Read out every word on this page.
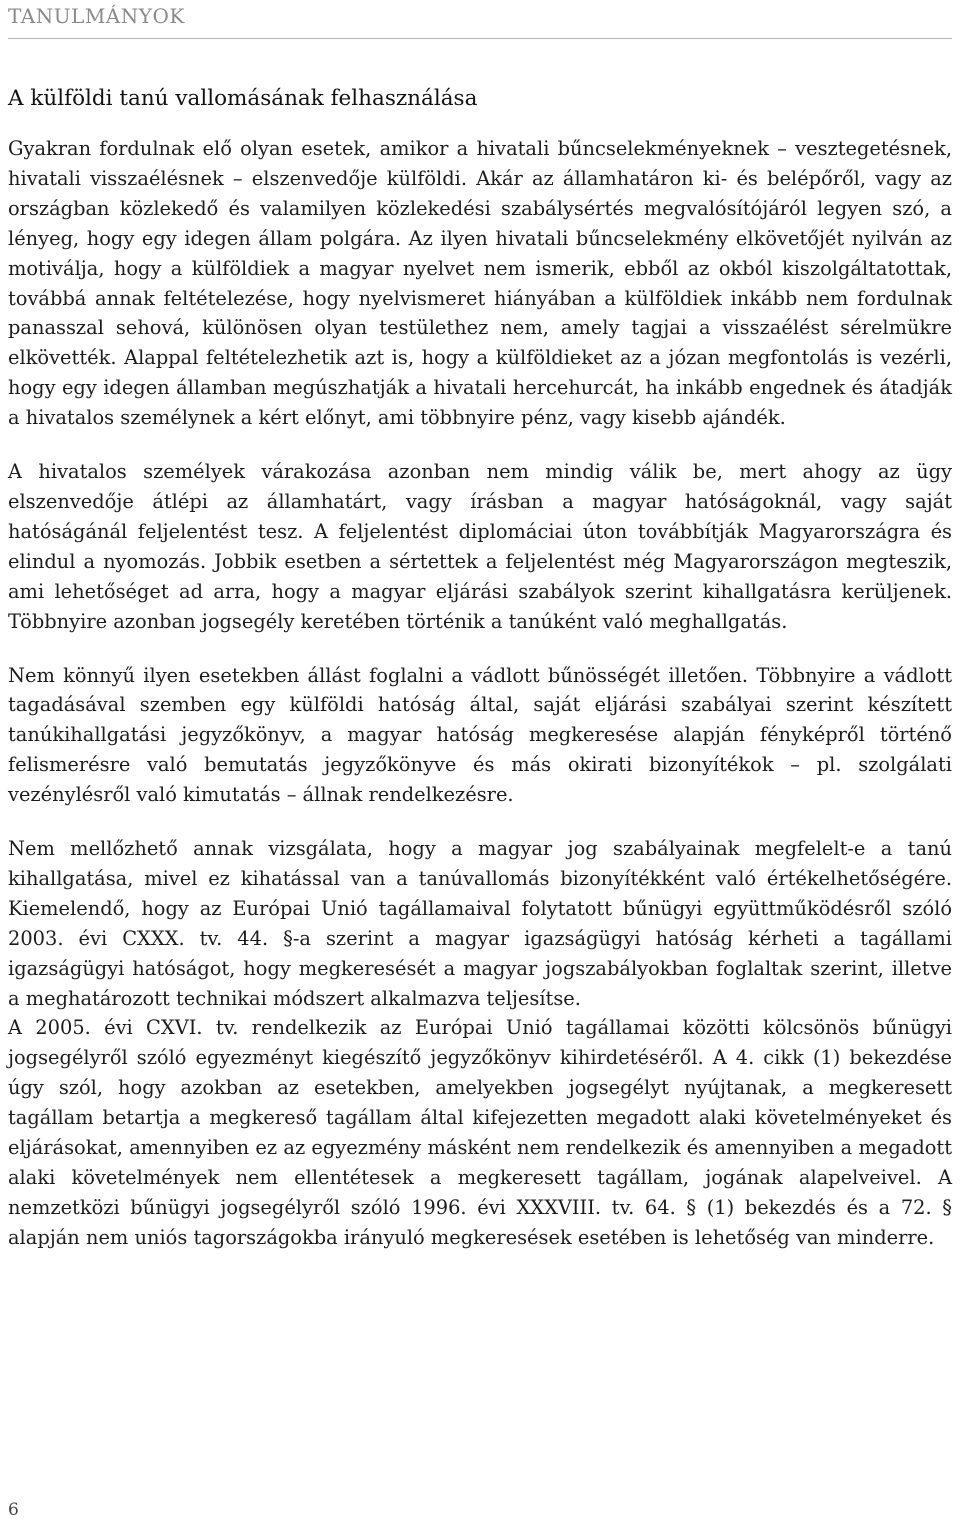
TANULMÁNYOK
A külföldi tanú vallomásának felhasználása

Gyakran fordulnak elő olyan esetek, amikor a hivatali bűncselekményeknek – vesztegetésnek, hivatali visszaélésnek – elszenvedője külföldi. Akár az államhatáron ki- és belépőről, vagy az országban közlekedő és valamilyen közlekedési szabálysértés megvalósítójáról legyen szó, a lényeg, hogy egy idegen állam polgára. Az ilyen hivatali bűncselekmény elkövetőjét nyilván az motiválja, hogy a külföldiek a magyar nyelvet nem ismerik, ebből az okból kiszolgáltatottak, továbbá annak feltételezése, hogy nyelvismeret hiányában a külföldiek inkább nem fordulnak panasszal sehová, különösen olyan testülethez nem, amely tagjai a visszaélést sérelmükre elkövették. Alappal feltételezhetik azt is, hogy a külföldieket az a józan megfontolás is vezérli, hogy egy idegen államban megúszhatják a hivatali hercehurcát, ha inkább engednek és átadják a hivatalos személynek a kért előnyt, ami többnyire pénz, vagy kisebb ajándék.

A hivatalos személyek várakozása azonban nem mindig válik be, mert ahogy az ügy elszenvedője átlépi az államhatárt, vagy írásban a magyar hatóságoknál, vagy saját hatóságánál feljelentést tesz. A feljelentést diplomáciai úton továbbítják Magyarországra és elindul a nyomozás. Jobbik esetben a sértettek a feljelentést még Magyarországon megteszik, ami lehetőséget ad arra, hogy a magyar eljárási szabályok szerint kihallgatásra kerüljenek. Többnyire azonban jogsegély keretében történik a tanúként való meghallgatás.

Nem könnyű ilyen esetekben állást foglalni a vádlott bűnösségét illetően. Többnyire a vádlott tagadásával szemben egy külföldi hatóság által, saját eljárási szabályai szerint készített tanúkihallgatási jegyzőkönyv, a magyar hatóság megkeresése alapján fényképről történő felismerésre való bemutatás jegyzőkönyve és más okirati bizonyítékok – pl. szolgálati vezénylésről való kimutatás – állnak rendelkezésre.

Nem mellőzhető annak vizsgálata, hogy a magyar jog szabályainak megfelelt-e a tanú kihallgatása, mivel ez kihatással van a tanúvallomás bizonyítékként való értékelhetőségére. Kiemelendő, hogy az Európai Unió tagállamaival folytatott bűnügyi együttműködésről szóló 2003. évi CXXX. tv. 44. §-a szerint a magyar igazságügyi hatóság kérheti a tagállami igazságügyi hatóságot, hogy megkeresését a magyar jogszabályokban foglaltak szerint, illetve a meghatározott technikai módszert alkalmazva teljesítse.

A 2005. évi CXVI. tv. rendelkezik az Európai Unió tagállamai közötti kölcsönös bűnügyi jogsegélyről szóló egyezményt kiegészítő jegyzőkönyv kihirdetéséről. A 4. cikk (1) bekezdése úgy szól, hogy azokban az esetekben, amelyekben jogsegélyt nyújtanak, a megkeresett tagállam betartja a megkereső tagállam által kifejezetten megadott alaki követelményeket és eljárásokat, amennyiben ez az egyezmény másként nem rendelkezik és amennyiben a megadott alaki követelmények nem ellentétesek a megkeresett tagállam, jogának alapelveivel. A nemzetközi bűnügyi jogsegélyről szóló 1996. évi XXXVIII. tv. 64. § (1) bekezdés és a 72. § alapján nem uniós tagországokba irányuló megkeresések esetében is lehetőség van minderre.

6
